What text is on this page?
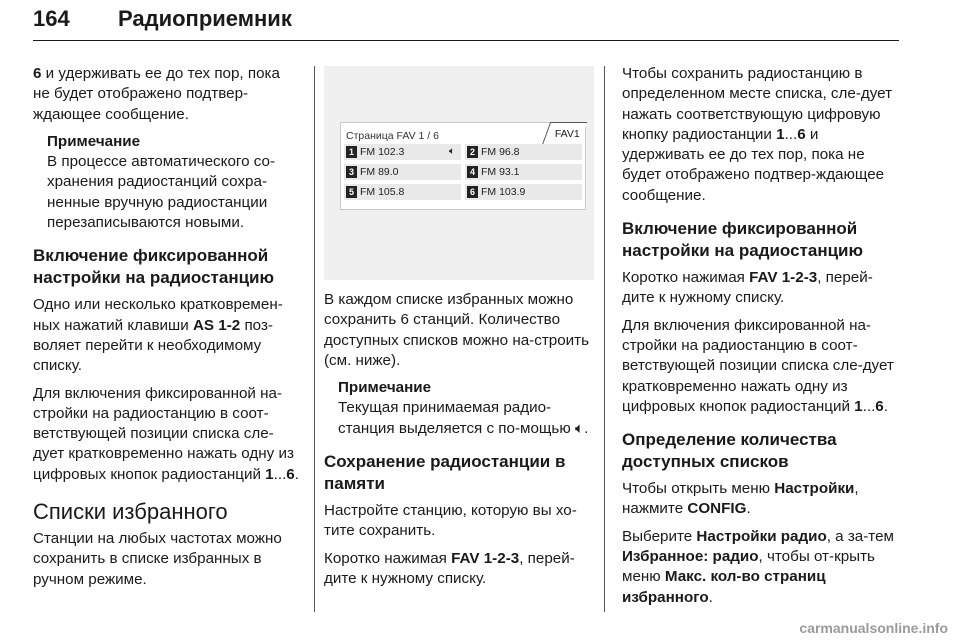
164 Радиоприемник

6 и удерживать ее до тех пор, пока не будет отображено подтвер-ждающее сообщение.

Примечание
В процессе автоматического со-хранения радиостанций сохра-ненные вручную радиостанции перезаписываются новыми.
Включение фиксированной настройки на радиостанцию

Одно или несколько кратковремен-ных нажатий клавиши AS 1-2 поз-воляет перейти к необходимому списку.

Для включения фиксированной на-стройки на радиостанцию в соот-ветствующей позиции списка сле-дует кратковременно нажать одну из цифровых кнопок радиостанций 1...6.

Списки избранного

Станции на любых частотах можно сохранить в списке избранных в ручном режиме.

Страница FAV 1 / 6	FAV1
1 FM 102.3	🔈︎	2 FM 96.8
3 FM 89.0	4 FM 93.1
5 FM 105.8	6 FM 103.9

В каждом списке избранных можно сохранить 6 станций. Количество доступных списков можно на-строить (см. ниже).

Примечание
Текущая принимаемая радио-станция выделяется с по-мощью 🔈︎.
Сохранение радиостанции в памяти

Настройте станцию, которую вы хо-тите сохранить.

Коротко нажимая FAV 1-2-3, перей-дите к нужному списку.

Чтобы сохранить радиостанцию в определенном месте списка, сле-дует нажать соответствующую цифровую кнопку радиостанции 1...6 и удерживать ее до тех пор, пока не будет отображено подтвер-ждающее сообщение.

Включение фиксированной настройки на радиостанцию

Коротко нажимая FAV 1-2-3, перей-дите к нужному списку.

Для включения фиксированной на-стройки на радиостанцию в соот-ветствующей позиции списка сле-дует кратковременно нажать одну из цифровых кнопок радиостанций 1...6.

Определение количества доступных списков

Чтобы открыть меню Настройки, нажмите CONFIG.

Выберите Настройки радио, а за-тем Избранное: радио, чтобы от-крыть меню Макс. кол-во страниц избранного.

carmanualsonline.info
